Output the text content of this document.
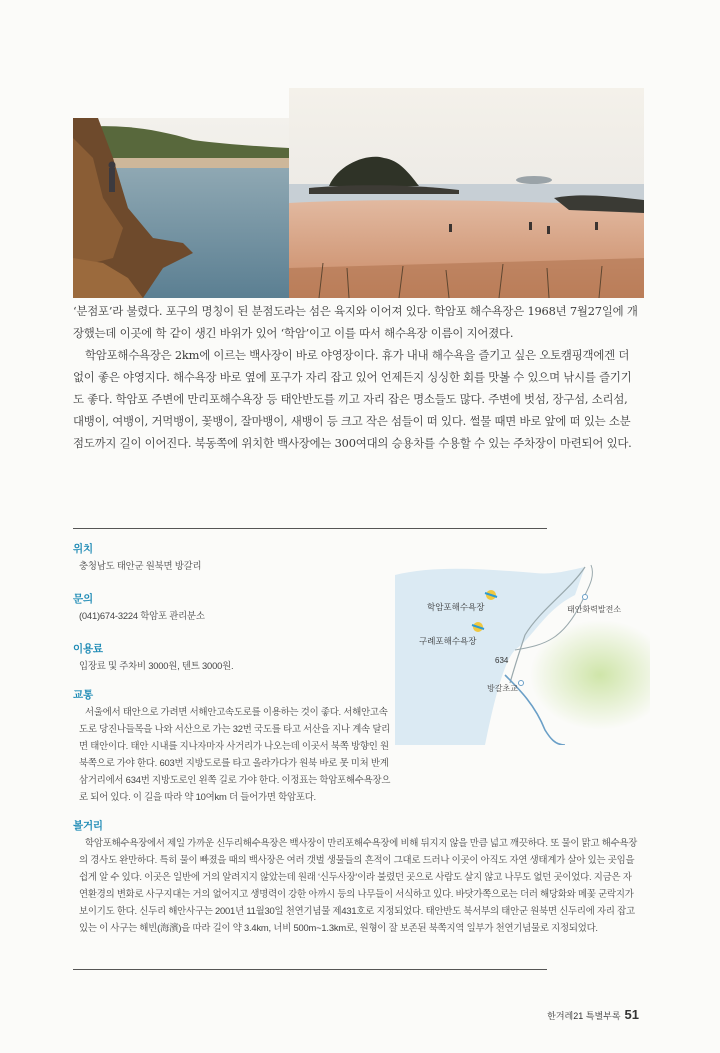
‘분점포’라 불렸다. 포구의 명칭이 된 분점도라는 섬은 육지와 이어져 있다. 학암포 해수욕장은 1968년 7월27일에 개장했는데 이곳에 학 같이 생긴 바위가 있어 ‘학암’이고 이를 따서 해수욕장 이름이 지어졌다.

학암포해수욕장은 2km에 이르는 백사장이 바로 야영장이다. 휴가 내내 해수욕을 즐기고 싶은 오토캠핑객에겐 더없이 좋은 야영지다. 해수욕장 바로 옆에 포구가 자리 잡고 있어 언제든지 싱싱한 회를 맛볼 수 있으며 낚시를 즐기기도 좋다. 학암포 주변에 만리포해수욕장 등 태안반도를 끼고 자리 잡은 명소들도 많다. 주변에 벗섬, 장구섬, 소리섬, 대뱅이, 여뱅이, 거먹뱅이, 꽃뱅이, 잘마뱅이, 새뱅이 등 크고 작은 섬들이 떠 있다. 썰물 때면 바로 앞에 떠 있는 소분점도까지 길이 이어진다. 북동쪽에 위치한 백사장에는 300여대의 승용차를 수용할 수 있는 주차장이 마련되어 있다.

위치
충청남도 태안군 원북면 방갈리
문의
(041)674-3224 학암포 관리분소
이용료
입장료 및 주차비 3000원, 텐트 3000원.
교통
서울에서 태안으로 가려면 서해안고속도로를 이용하는 것이 좋다. 서해안고속도로 당진나들목을 나와 서산으로 가는 32번 국도를 타고 서산을 지나 계속 달리면 태안이다. 태안 시내를 지나자마자 사거리가 나오는데 이곳서 북쪽 방향인 원북쪽으로 가야 한다. 603번 지방도로를 타고 올라가다가 원북 바로 못 미처 반계삼거리에서 634번 지방도로인 왼쪽 길로 가야 한다. 이정표는 학암포해수욕장으로 되어 있다. 이 길을 따라 약 10여km 더 들어가면 학암포다.
볼거리
학암포해수욕장에서 제일 가까운 신두리해수욕장은 백사장이 만리포해수욕장에 비해 뒤지지 않을 만큼 넓고 깨끗하다. 또 물이 맑고 해수욕장의 경사도 완만하다. 특히 물이 빠졌을 때의 백사장은 여러 갯벌 생물들의 흔적이 그대로 드러나 이곳이 아직도 자연 생태계가 살아 있는 곳임을 쉽게 알 수 있다. 이곳은 일반에 거의 알려지지 않았는데 원래 ‘신두사장’이라 불렸던 곳으로 사람도 살지 않고 나무도 없던 곳이었다. 지금은 자연환경의 변화로 사구지대는 거의 없어지고 생명력이 강한 아까시 등의 나무들이 서식하고 있다. 바닷가쪽으로는 더러 해당화와 메꽃 군락지가 보이기도 한다. 신두리 해안사구는 2001년 11월30일 천연기념물 제431호로 지정되었다. 태안반도 북서부의 태안군 원북면 신두리에 자리 잡고 있는 이 사구는 해빈(海濱)을 따라 길이 약 3.4km, 너비 500m~1.3km로, 원형이 잘 보존된 북쪽지역 일부가 천연기념물로 지정되었다.
학암포해수욕장
구례포해수욕장
태안화력발전소
634
방갈초교
한겨레21 특별부록 51
